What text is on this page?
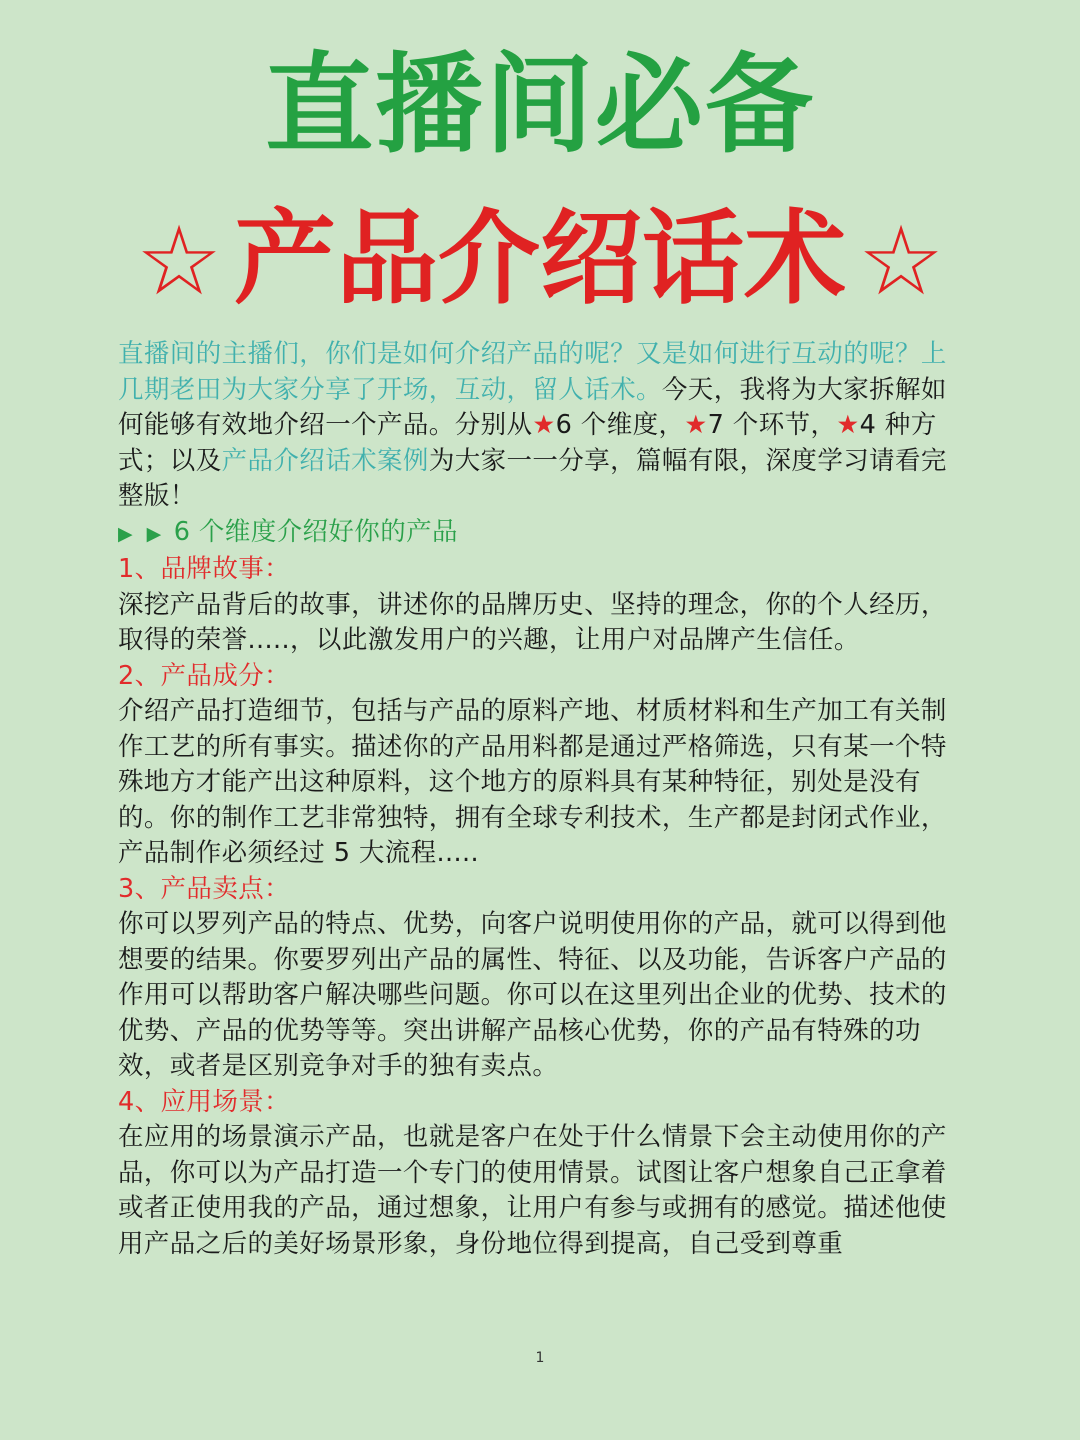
直播间必备
☆ 产品介绍话术 ☆

直播间的主播们，你们是如何介绍产品的呢？又是如何进行互动的呢？上几期老田为大家分享了开场，互动，留人话术。今天，我将为大家拆解如何能够有效地介绍一个产品。分别从★6 个维度，★7 个环节，★4 种方式；以及产品介绍话术案例为大家一一分享，篇幅有限，深度学习请看完整版！

▶ ▶ 6 个维度介绍好你的产品

1、品牌故事：

深挖产品背后的故事，讲述你的品牌历史、坚持的理念，你的个人经历，取得的荣誉.....，以此激发用户的兴趣，让用户对品牌产生信任。

2、产品成分：

介绍产品打造细节，包括与产品的原料产地、材质材料和生产加工有关制作工艺的所有事实。描述你的产品用料都是通过严格筛选，只有某一个特殊地方才能产出这种原料，这个地方的原料具有某种特征，别处是没有的。你的制作工艺非常独特，拥有全球专利技术，生产都是封闭式作业，产品制作必须经过 5 大流程.....

3、产品卖点：

你可以罗列产品的特点、优势，向客户说明使用你的产品，就可以得到他想要的结果。你要罗列出产品的属性、特征、以及功能，告诉客户产品的作用可以帮助客户解决哪些问题。你可以在这里列出企业的优势、技术的优势、产品的优势等等。突出讲解产品核心优势，你的产品有特殊的功效，或者是区别竞争对手的独有卖点。

4、应用场景：

在应用的场景演示产品，也就是客户在处于什么情景下会主动使用你的产品，你可以为产品打造一个专门的使用情景。试图让客户想象自己正拿着或者正使用我的产品，通过想象，让用户有参与或拥有的感觉。描述他使用产品之后的美好场景形象，身份地位得到提高，自己受到尊重

1
